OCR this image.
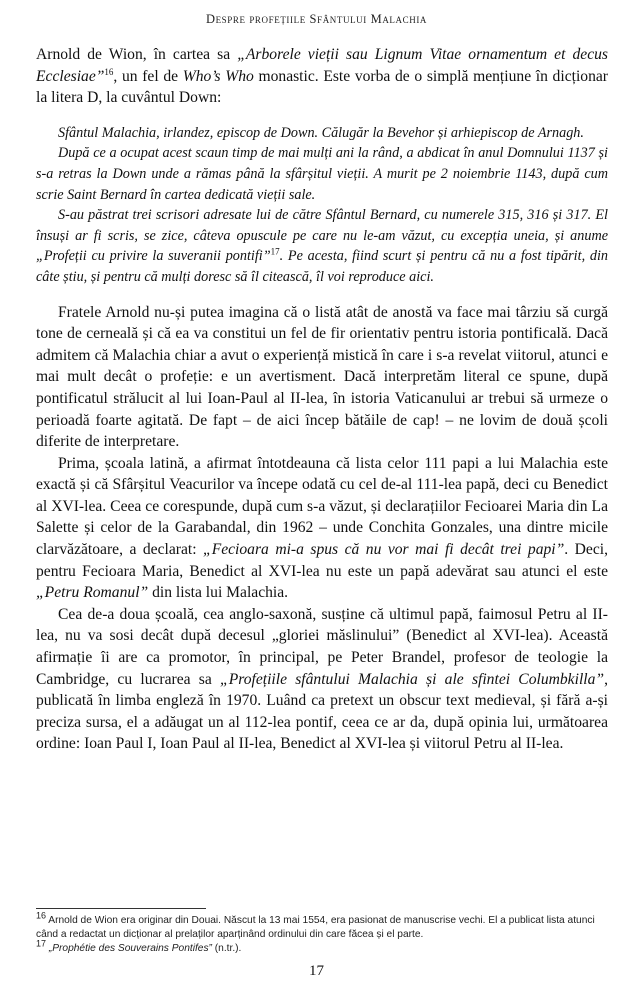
Despre profețiile Sfântului Malachia

Arnold de Wion, în cartea sa „Arborele vieții sau Lignum Vitae ornamentum et decus Ecclesiae”$^{16}$, un fel de Who’s Who monastic. Este vorba de o simplă mențiune în dicționar la litera D, la cuvântul Down:

Sfântul Malachia, irlandez, episcop de Down. Călugăr la Bevehor și arhiepiscop de Arnagh.

După ce a ocupat acest scaun timp de mai mulți ani la rând, a abdicat în anul Domnului 1137 și s-a retras la Down unde a rămas până la sfârșitul vieții. A murit pe 2 noiembrie 1143, după cum scrie Saint Bernard în cartea dedicată vieții sale.

S-au păstrat trei scrisori adresate lui de către Sfântul Bernard, cu numerele 315, 316 și 317. El însuși ar fi scris, se zice, câteva opuscule pe care nu le-am văzut, cu excepția uneia, și anume „Profeții cu privire la suveranii pontifi”$^{17}$. Pe acesta, fiind scurt și pentru că nu a fost tipărit, din câte știu, și pentru că mulți doresc să îl citească, îl voi reproduce aici.

Fratele Arnold nu-și putea imagina că o listă atât de anostă va face mai târziu să curgă tone de cerneală și că ea va constitui un fel de fir orientativ pentru istoria pontificală. Dacă admitem că Malachia chiar a avut o experiență mistică în care i s-a revelat viitorul, atunci e mai mult decât o profeție: e un avertisment. Dacă interpretăm literal ce spune, după pontificatul strălucit al lui Ioan-Paul al II-lea, în istoria Vaticanului ar trebui să urmeze o perioadă foarte agitată. De fapt – de aici încep bătăile de cap! – ne lovim de două școli diferite de interpretare.

Prima, școala latină, a afirmat întotdeauna că lista celor 111 papi a lui Malachia este exactă și că Sfârșitul Veacurilor va începe odată cu cel de-al 111-lea papă, deci cu Benedict al XVI-lea. Ceea ce corespunde, după cum s-a văzut, și declarațiilor Fecioarei Maria din La Salette și celor de la Garabandal, din 1962 – unde Conchita Gonzales, una dintre micile clarvăzătoare, a declarat: „Fecioara mi-a spus că nu vor mai fi decât trei papi”. Deci, pentru Fecioara Maria, Benedict al XVI-lea nu este un papă adevărat sau atunci el este „Petru Romanul” din lista lui Malachia.

Cea de-a doua școală, cea anglo-saxonă, susține că ultimul papă, faimosul Petru al II-lea, nu va sosi decât după decesul „gloriei măslinului” (Benedict al XVI-lea). Această afirmație îi are ca promotor, în principal, pe Peter Brandel, profesor de teologie la Cambridge, cu lucrarea sa „Profețiile sfântului Malachia și ale sfintei Columbkilla”, publicată în limba engleză în 1970. Luând ca pretext un obscur text medieval, și fără a-și preciza sursa, el a adăugat un al 112-lea pontif, ceea ce ar da, după opinia lui, următoarea ordine: Ioan Paul I, Ioan Paul al II-lea, Benedict al XVI-lea și viitorul Petru al II-lea.

$^{16}$ Arnold de Wion era originar din Douai. Născut la 13 mai 1554, era pasionat de manuscrise vechi. El a publicat lista atunci când a redactat un dicționar al prelaților aparținând ordinului din care făcea și el parte.

$^{17}$ „Prophétie des Souverains Pontifes” (n.tr.).

17
